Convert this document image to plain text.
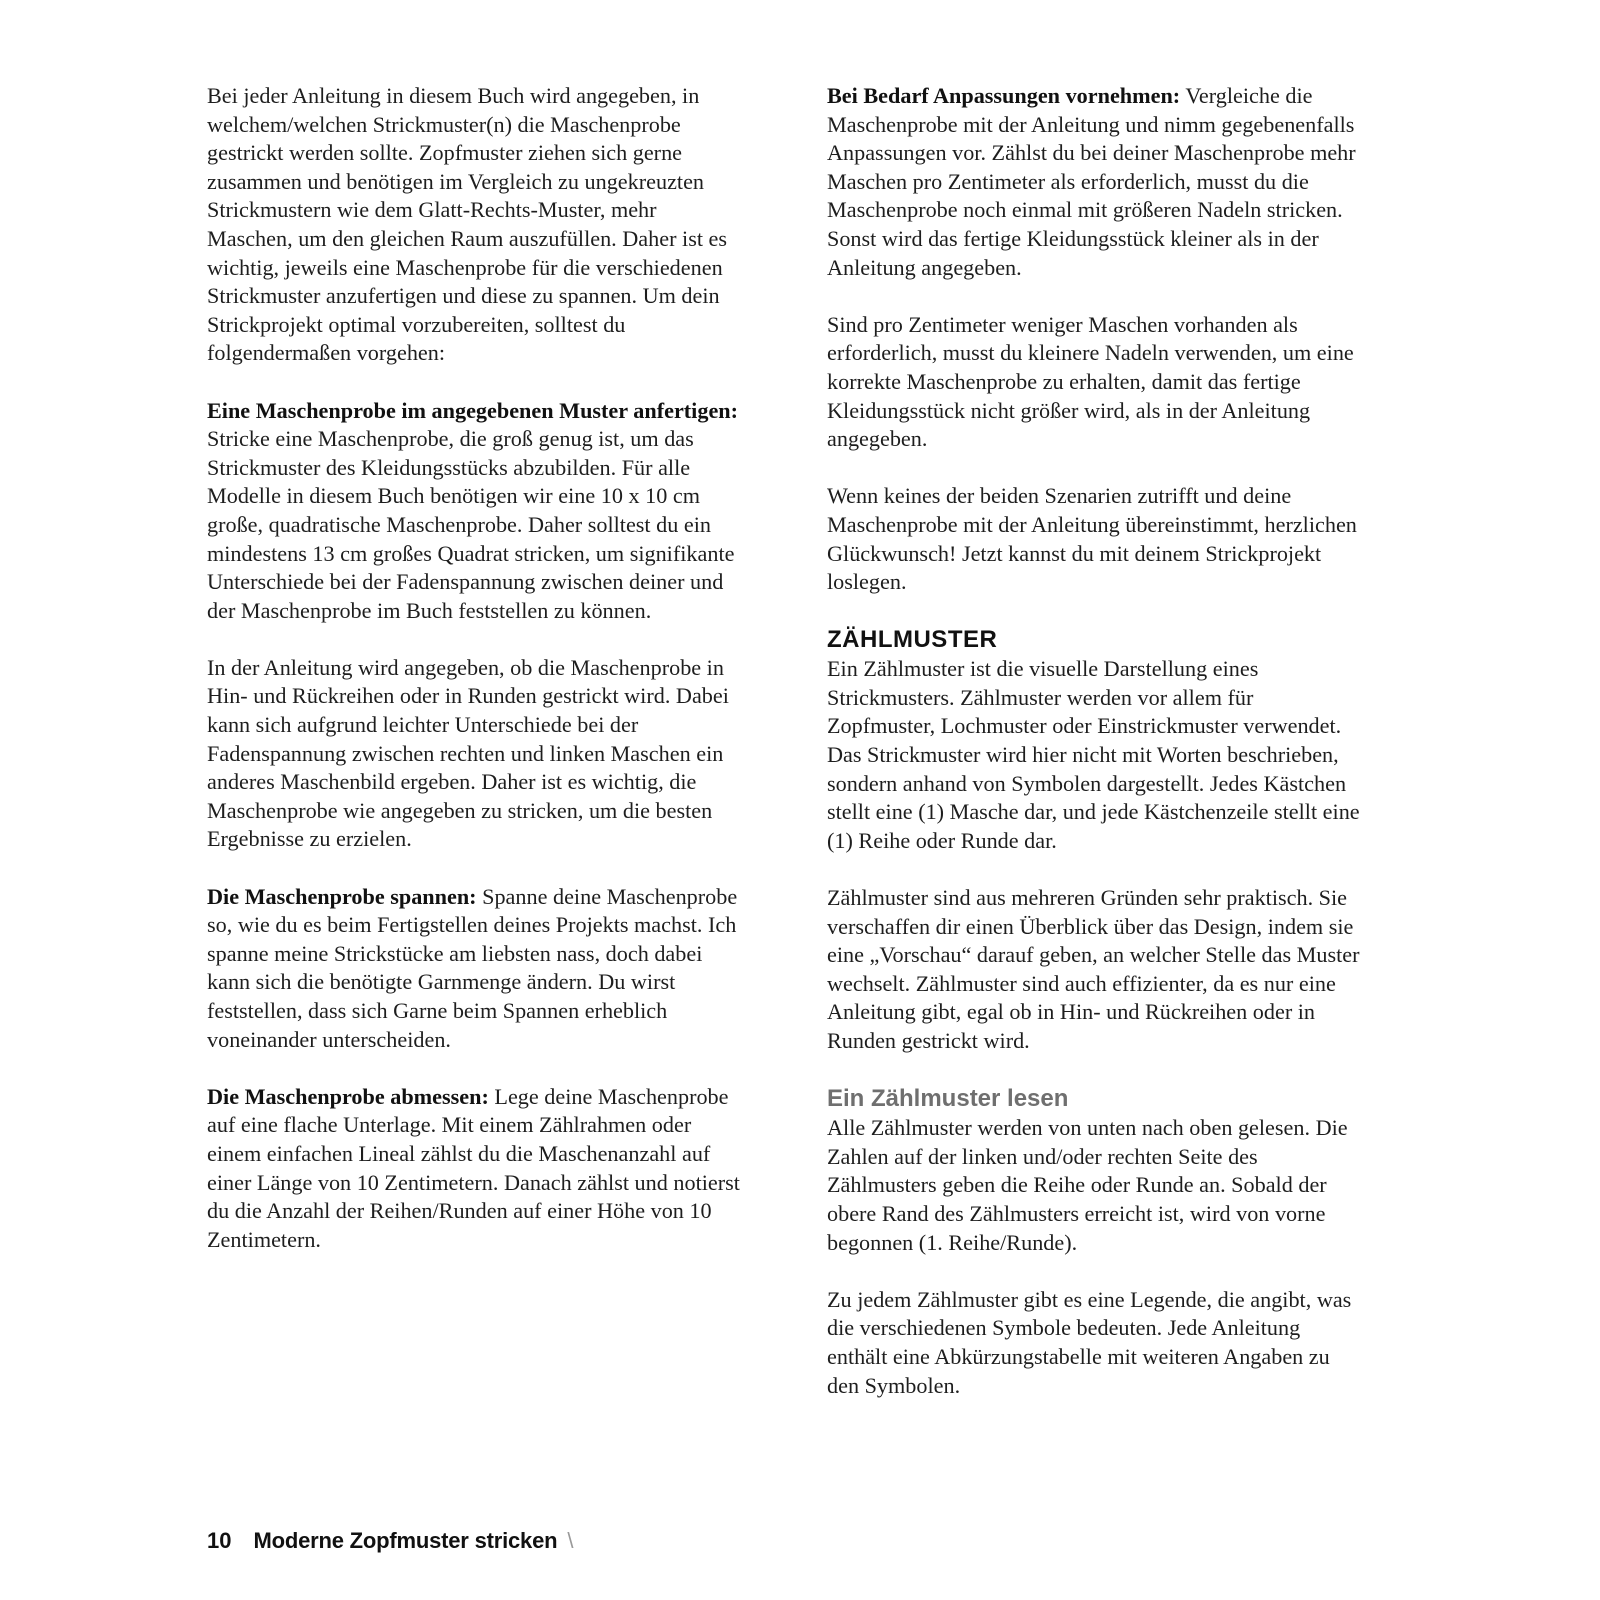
Bei jeder Anleitung in diesem Buch wird angegeben, in welchem/welchen Strickmuster(n) die Maschenprobe gestrickt werden sollte. Zopfmuster ziehen sich gerne zusammen und benötigen im Vergleich zu ungekreuzten Strickmustern wie dem Glatt-Rechts-Muster, mehr Maschen, um den gleichen Raum auszufüllen. Daher ist es wichtig, jeweils eine Maschenprobe für die verschiedenen Strickmuster anzufertigen und diese zu spannen. Um dein Strickprojekt optimal vorzubereiten, solltest du folgendermaßen vorgehen:

Eine Maschenprobe im angegebenen Muster anfertigen: Stricke eine Maschenprobe, die groß genug ist, um das Strickmuster des Kleidungsstücks abzubilden. Für alle Modelle in diesem Buch benötigen wir eine 10 x 10 cm große, quadratische Maschenprobe. Daher solltest du ein mindestens 13 cm großes Quadrat stricken, um signifikante Unterschiede bei der Fadenspannung zwischen deiner und der Maschenprobe im Buch feststellen zu können.

In der Anleitung wird angegeben, ob die Maschenprobe in Hin- und Rückreihen oder in Runden gestrickt wird. Dabei kann sich aufgrund leichter Unterschiede bei der Fadenspannung zwischen rechten und linken Maschen ein anderes Maschenbild ergeben. Daher ist es wichtig, die Maschenprobe wie angegeben zu stricken, um die besten Ergebnisse zu erzielen.

Die Maschenprobe spannen: Spanne deine Maschenprobe so, wie du es beim Fertigstellen deines Projekts machst. Ich spanne meine Strickstücke am liebsten nass, doch dabei kann sich die benötigte Garnmenge ändern. Du wirst feststellen, dass sich Garne beim Spannen erheblich voneinander unterscheiden.

Die Maschenprobe abmessen: Lege deine Maschenprobe auf eine flache Unterlage. Mit einem Zählrahmen oder einem einfachen Lineal zählst du die Maschenanzahl auf einer Länge von 10 Zentimetern. Danach zählst und notierst du die Anzahl der Reihen/Runden auf einer Höhe von 10 Zentimetern.

Bei Bedarf Anpassungen vornehmen: Vergleiche die Maschenprobe mit der Anleitung und nimm gegebenenfalls Anpassungen vor. Zählst du bei deiner Maschenprobe mehr Maschen pro Zentimeter als erforderlich, musst du die Maschenprobe noch einmal mit größeren Nadeln stricken. Sonst wird das fertige Kleidungsstück kleiner als in der Anleitung angegeben.

Sind pro Zentimeter weniger Maschen vorhanden als erforderlich, musst du kleinere Nadeln verwenden, um eine korrekte Maschenprobe zu erhalten, damit das fertige Kleidungsstück nicht größer wird, als in der Anleitung angegeben.

Wenn keines der beiden Szenarien zutrifft und deine Maschenprobe mit der Anleitung übereinstimmt, herzlichen Glückwunsch! Jetzt kannst du mit deinem Strickprojekt loslegen.

ZÄHLMUSTER

Ein Zählmuster ist die visuelle Darstellung eines Strickmusters. Zählmuster werden vor allem für Zopfmuster, Lochmuster oder Einstrickmuster verwendet. Das Strickmuster wird hier nicht mit Worten beschrieben, sondern anhand von Symbolen dargestellt. Jedes Kästchen stellt eine (1) Masche dar, und jede Kästchenzeile stellt eine (1) Reihe oder Runde dar.

Zählmuster sind aus mehreren Gründen sehr praktisch. Sie verschaffen dir einen Überblick über das Design, indem sie eine „Vorschau“ darauf geben, an welcher Stelle das Muster wechselt. Zählmuster sind auch effizienter, da es nur eine Anleitung gibt, egal ob in Hin- und Rückreihen oder in Runden gestrickt wird.

Ein Zählmuster lesen

Alle Zählmuster werden von unten nach oben gelesen. Die Zahlen auf der linken und/oder rechten Seite des Zählmusters geben die Reihe oder Runde an. Sobald der obere Rand des Zählmusters erreicht ist, wird von vorne begonnen (1. Reihe/Runde).

Zu jedem Zählmuster gibt es eine Legende, die angibt, was die verschiedenen Symbole bedeuten. Jede Anleitung enthält eine Abkürzungstabelle mit weiteren Angaben zu den Symbolen.

10 Moderne Zopfmuster stricken \
